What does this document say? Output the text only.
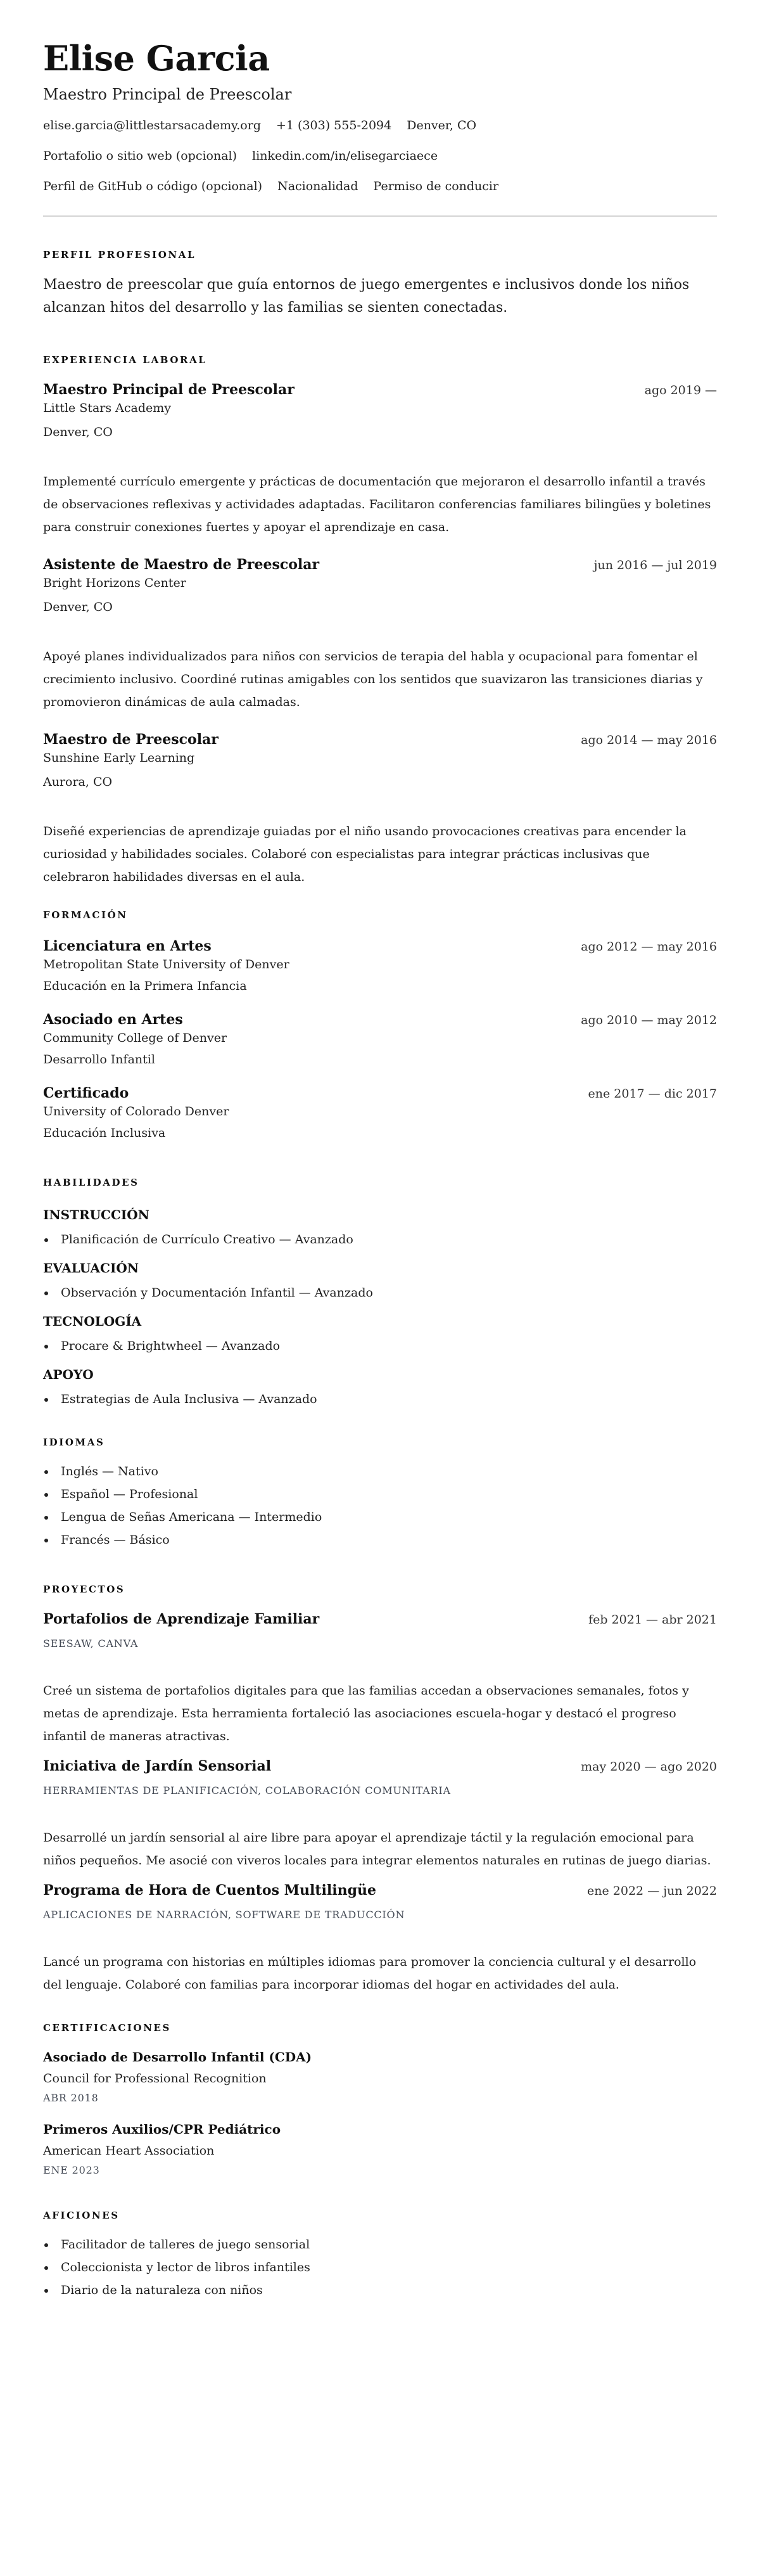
Elise Garcia
Maestro Principal de Preescolar
elise.garcia@littlestarsacademy.org +1 (303) 555-2094 Denver, CO
Portafolio o sitio web (opcional) linkedin.com/in/elisegarciaece
Perfil de GitHub o código (opcional) Nacionalidad Permiso de conducir
PERFIL PROFESIONAL

Maestro de preescolar que guía entornos de juego emergentes e inclusivos donde los niños alcanzan hitos del desarrollo y las familias se sienten conectadas.

EXPERIENCIA LABORAL
Maestro Principal de Preescolar	ago 2019 —
Little Stars Academy
Denver, CO

Implementé currículo emergente y prácticas de documentación que mejoraron el desarrollo infantil a través de observaciones reflexivas y actividades adaptadas. Facilitaron conferencias familiares bilingües y boletines para construir conexiones fuertes y apoyar el aprendizaje en casa.

Asistente de Maestro de Preescolar	jun 2016 — jul 2019
Bright Horizons Center
Denver, CO

Apoyé planes individualizados para niños con servicios de terapia del habla y ocupacional para fomentar el crecimiento inclusivo. Coordiné rutinas amigables con los sentidos que suavizaron las transiciones diarias y promovieron dinámicas de aula calmadas.

Maestro de Preescolar	ago 2014 — may 2016
Sunshine Early Learning
Aurora, CO

Diseñé experiencias de aprendizaje guiadas por el niño usando provocaciones creativas para encender la curiosidad y habilidades sociales. Colaboré con especialistas para integrar prácticas inclusivas que celebraron habilidades diversas en el aula.

FORMACIÓN
Licenciatura en Artes	ago 2012 — may 2016
Metropolitan State University of Denver
Educación en la Primera Infancia
Asociado en Artes	ago 2010 — may 2012
Community College of Denver
Desarrollo Infantil
Certificado	ene 2017 — dic 2017
University of Colorado Denver
Educación Inclusiva
HABILIDADES
INSTRUCCIÓN
Planificación de Currículo Creativo — Avanzado
EVALUACIÓN
Observación y Documentación Infantil — Avanzado
TECNOLOGÍA
Procare & Brightwheel — Avanzado
APOYO
Estrategias de Aula Inclusiva — Avanzado
IDIOMAS
Inglés — Nativo
Español — Profesional
Lengua de Señas Americana — Intermedio
Francés — Básico
PROYECTOS
Portafolios de Aprendizaje Familiar	feb 2021 — abr 2021
SEESAW, CANVA

Creé un sistema de portafolios digitales para que las familias accedan a observaciones semanales, fotos y metas de aprendizaje. Esta herramienta fortaleció las asociaciones escuela-hogar y destacó el progreso infantil de maneras atractivas.

Iniciativa de Jardín Sensorial	may 2020 — ago 2020
HERRAMIENTAS DE PLANIFICACIÓN, COLABORACIÓN COMUNITARIA

Desarrollé un jardín sensorial al aire libre para apoyar el aprendizaje táctil y la regulación emocional para niños pequeños. Me asocié con viveros locales para integrar elementos naturales en rutinas de juego diarias.

Programa de Hora de Cuentos Multilingüe	ene 2022 — jun 2022
APLICACIONES DE NARRACIÓN, SOFTWARE DE TRADUCCIÓN

Lancé un programa con historias en múltiples idiomas para promover la conciencia cultural y el desarrollo del lenguaje. Colaboré con familias para incorporar idiomas del hogar en actividades del aula.

CERTIFICACIONES
Asociado de Desarrollo Infantil (CDA)
Council for Professional Recognition
ABR 2018
Primeros Auxilios/CPR Pediátrico
American Heart Association
ENE 2023
AFICIONES
Facilitador de talleres de juego sensorial
Coleccionista y lector de libros infantiles
Diario de la naturaleza con niños
